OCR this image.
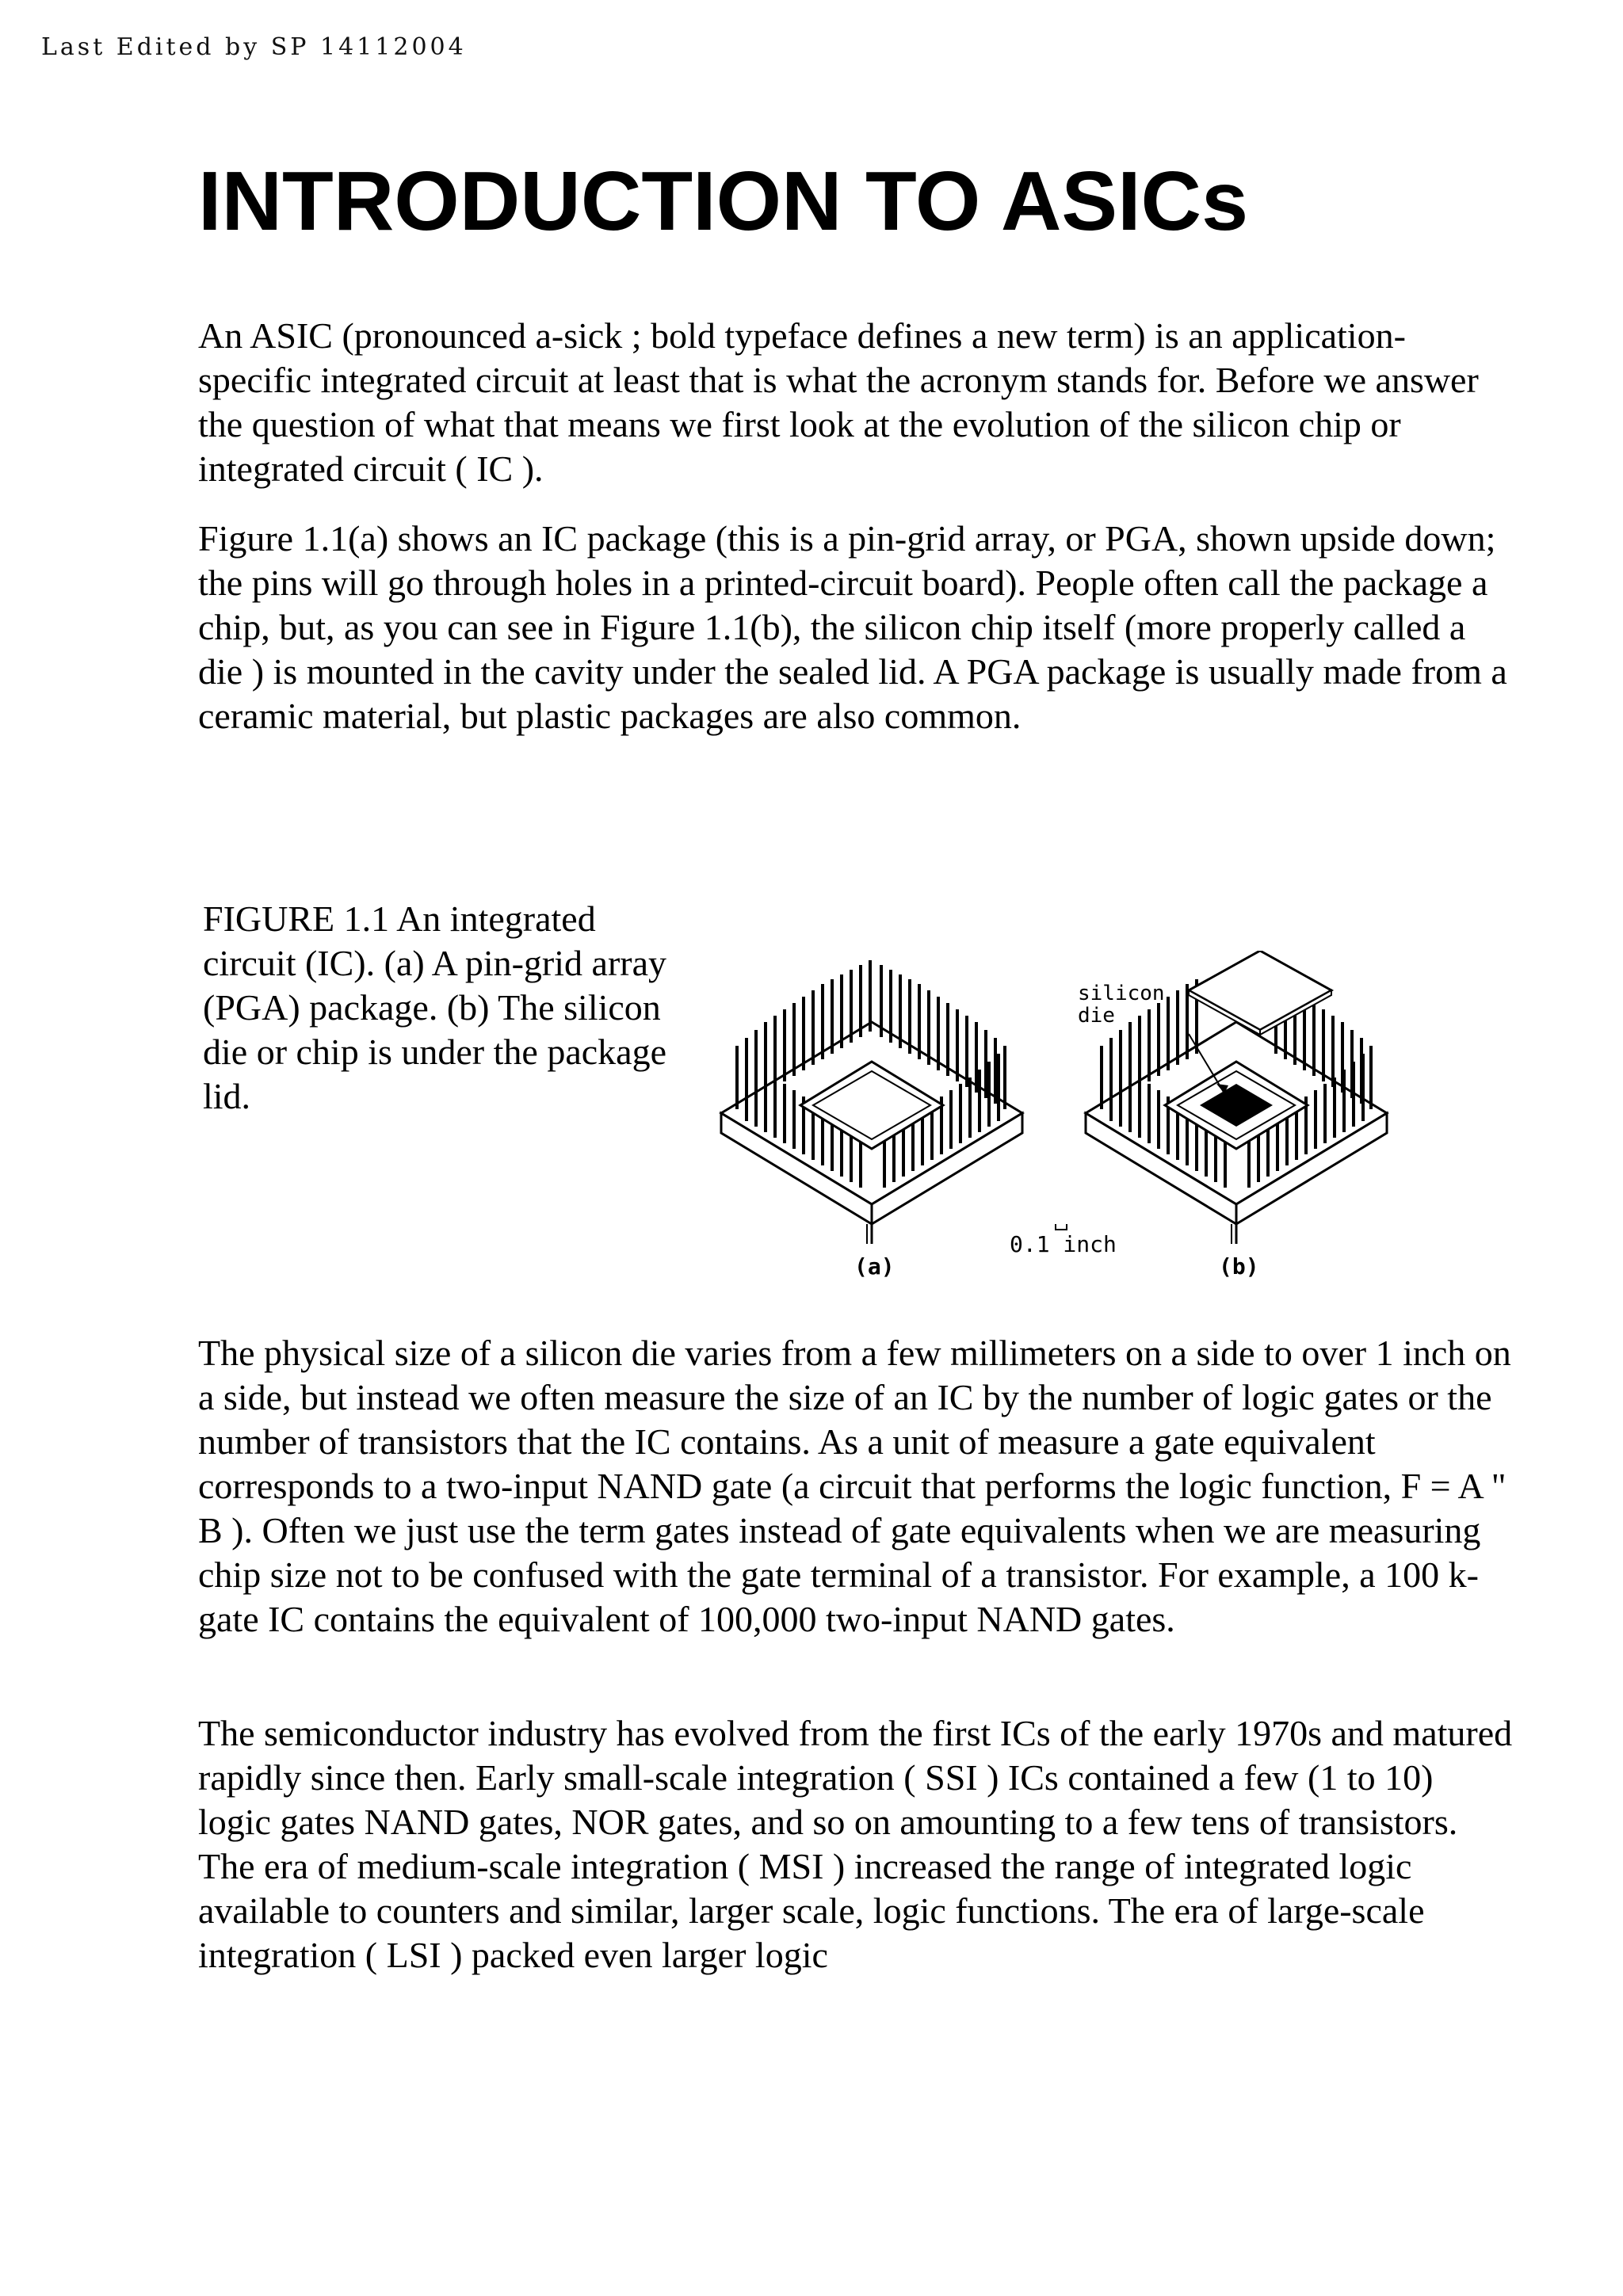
Last Edited by SP 14112004
INTRODUCTION TO ASICs

An ASIC (pronounced a-sick ; bold typeface defines a new term) is an application-specific integrated circuit at least that is what the acronym stands for. Before we answer the question of what that means we first look at the evolution of the silicon chip or integrated circuit ( IC ).

Figure 1.1(a) shows an IC package (this is a pin-grid array, or PGA, shown upside down; the pins will go through holes in a printed-circuit board). People often call the package a chip, but, as you can see in Figure 1.1(b), the silicon chip itself (more properly called a die ) is mounted in the cavity under the sealed lid. A PGA package is usually made from a ceramic material, but plastic packages are also common.

FIGURE 1.1 An integrated circuit (IC). (a) A pin-grid array (PGA) package. (b) The silicon die or chip is under the package lid.

silicon
die
0.1 inch
(a)	(b)

The physical size of a silicon die varies from a few millimeters on a side to over 1 inch on a side, but instead we often measure the size of an IC by the number of logic gates or the number of transistors that the IC contains. As a unit of measure a gate equivalent corresponds to a two-input NAND gate (a circuit that performs the logic function, F = A " B ). Often we just use the term gates instead of gate equivalents when we are measuring chip size not to be confused with the gate terminal of a transistor. For example, a 100 k-gate IC contains the equivalent of 100,000 two-input NAND gates.

The semiconductor industry has evolved from the first ICs of the early 1970s and matured rapidly since then. Early small-scale integration ( SSI ) ICs contained a few (1 to 10) logic gates NAND gates, NOR gates, and so on amounting to a few tens of transistors. The era of medium-scale integration ( MSI ) increased the range of integrated logic available to counters and similar, larger scale, logic functions. The era of large-scale integration ( LSI ) packed even larger logic
